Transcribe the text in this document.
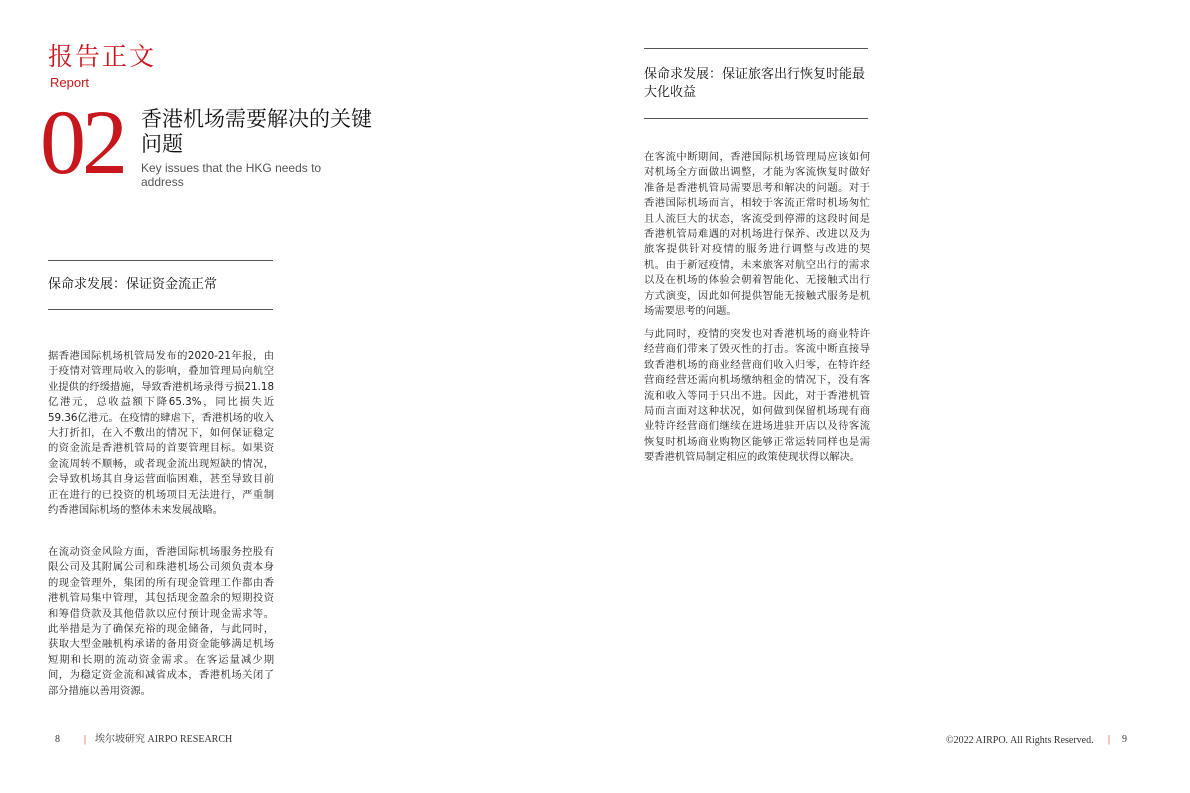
报告正文
Report
02 香港机场需要解决的关键问题
Key issues that the HKG needs to address
保命求发展：保证资金流正常

据香港国际机场机管局发布的2020-21年报，由于疫情对管理局收入的影响，叠加管理局向航空业提供的纾缓措施，导致香港机场录得亏损21.18亿港元，总收益额下降65.3%，同比损失近59.36亿港元。在疫情的肆虐下，香港机场的收入大打折扣，在入不敷出的情况下，如何保证稳定的资金流是香港机管局的首要管理目标。如果资金流周转不顺畅，或者现金流出现短缺的情况，会导致机场其自身运营面临困难，甚至导致目前正在进行的已投资的机场项目无法进行，严重制约香港国际机场的整体未来发展战略。

在流动资金风险方面，香港国际机场服务控股有限公司及其附属公司和珠港机场公司须负责本身的现金管理外，集团的所有现金管理工作都由香港机管局集中管理，其包括现金盈余的短期投资和筹借贷款及其他借款以应付预计现金需求等。此举措是为了确保充裕的现金储备，与此同时，获取大型金融机构承诺的备用资金能够满足机场短期和长期的流动资金需求。在客运量减少期间，为稳定资金流和减省成本，香港机场关闭了部分措施以善用资源。

保命求发展：保证旅客出行恢复时能最大化收益

在客流中断期间，香港国际机场管理局应该如何对机场全方面做出调整，才能为客流恢复时做好准备是香港机管局需要思考和解决的问题。对于香港国际机场而言，相较于客流正常时机场匆忙且人流巨大的状态，客流受到停滞的这段时间是香港机管局难遇的对机场进行保养、改进以及为旅客提供针对疫情的服务进行调整与改进的契机。由于新冠疫情，未来旅客对航空出行的需求以及在机场的体验会朝着智能化、无接触式出行方式演变，因此如何提供智能无接触式服务是机场需要思考的问题。

与此同时，疫情的突发也对香港机场的商业特许经营商们带来了毁灭性的打击。客流中断直接导致香港机场的商业经营商们收入归零，在特许经营商经营还需向机场缴纳租金的情况下，没有客流和收入等同于只出不进。因此，对于香港机管局而言面对这种状况，如何做到保留机场现有商业特许经营商们继续在进场进驻开店以及待客流恢复时机场商业购物区能够正常运转同样也是需要香港机管局制定相应的政策使现状得以解决。

8 | 埃尔坡研究 AIRPO RESEARCH	©2022 AIRPO. All Rights Reserved. | 9
